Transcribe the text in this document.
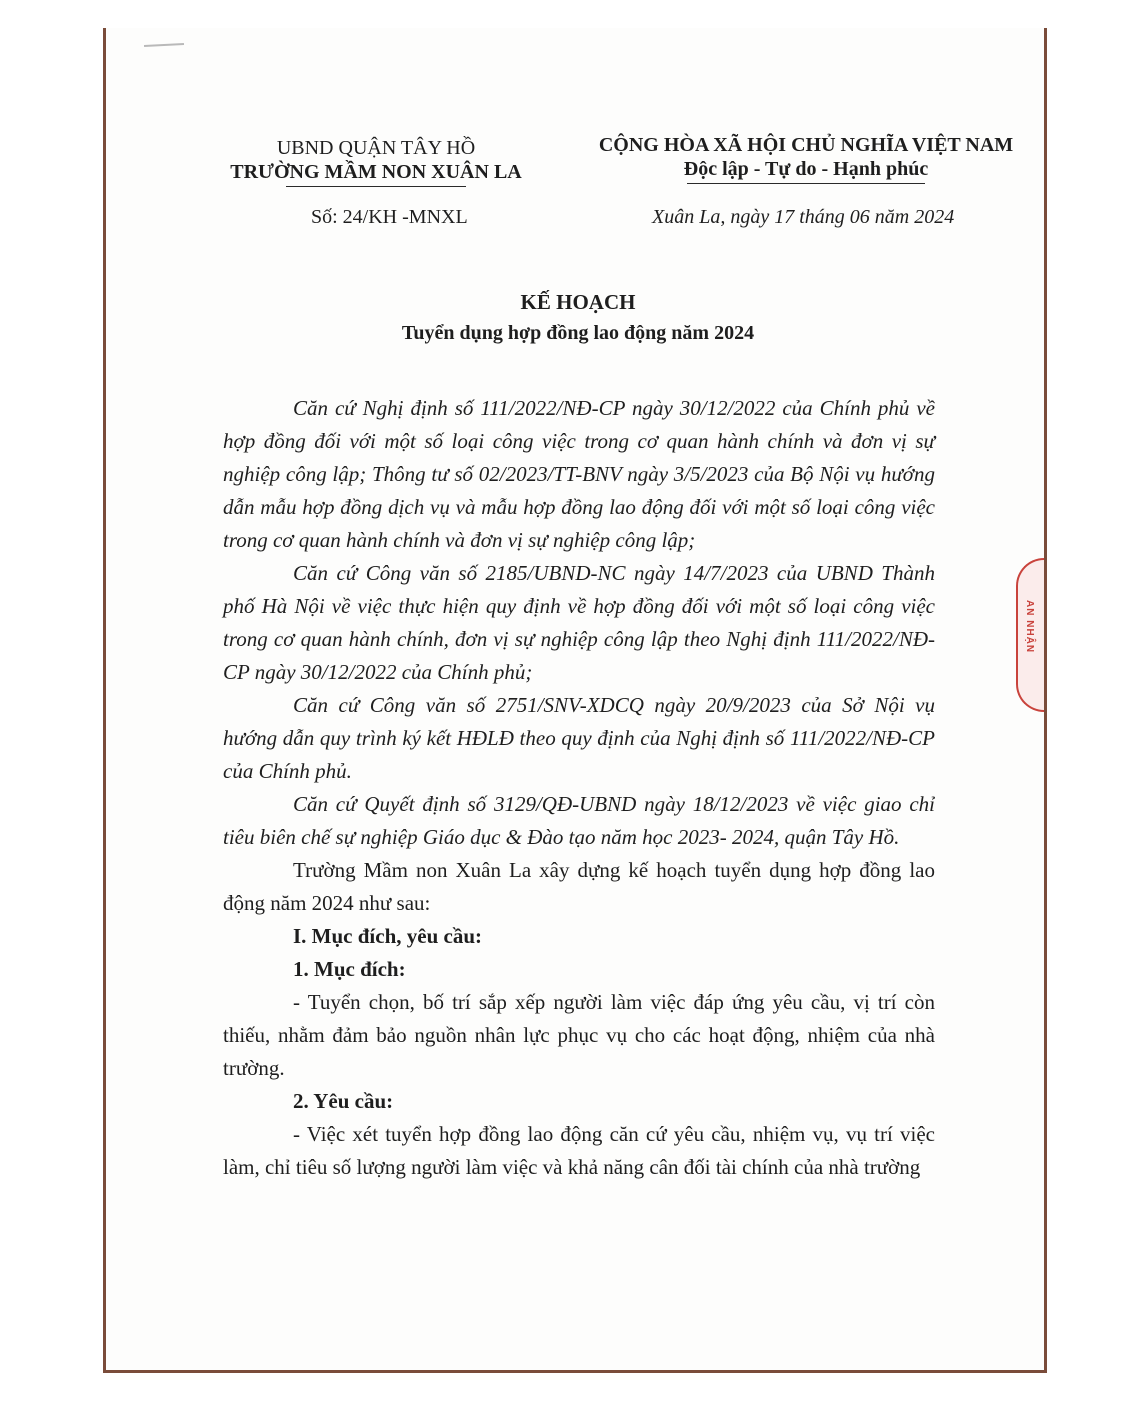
UBND QUẬN TÂY HỒ
TRƯỜNG MẦM NON XUÂN LA
CỘNG HÒA XÃ HỘI CHỦ NGHĨA VIỆT NAM
Độc lập - Tự do - Hạnh phúc
Số: 24/KH -MNXL	Xuân La, ngày 17 tháng 06 năm 2024
KẾ HOẠCH
Tuyển dụng hợp đồng lao động năm 2024

Căn cứ Nghị định số 111/2022/NĐ-CP ngày 30/12/2022 của Chính phủ về hợp đồng đối với một số loại công việc trong cơ quan hành chính và đơn vị sự nghiệp công lập; Thông tư số 02/2023/TT-BNV ngày 3/5/2023 của Bộ Nội vụ hướng dẫn mẫu hợp đồng dịch vụ và mẫu hợp đồng lao động đối với một số loại công việc trong cơ quan hành chính và đơn vị sự nghiệp công lập;

Căn cứ Công văn số 2185/UBND-NC ngày 14/7/2023 của UBND Thành phố Hà Nội về việc thực hiện quy định về hợp đồng đối với một số loại công việc trong cơ quan hành chính, đơn vị sự nghiệp công lập theo Nghị định 111/2022/NĐ-CP ngày 30/12/2022 của Chính phủ;

Căn cứ Công văn số 2751/SNV-XDCQ ngày 20/9/2023 của Sở Nội vụ hướng dẫn quy trình ký kết HĐLĐ theo quy định của Nghị định số 111/2022/NĐ-CP của Chính phủ.

Căn cứ Quyết định số 3129/QĐ-UBND ngày 18/12/2023 về việc giao chỉ tiêu biên chế sự nghiệp Giáo dục & Đào tạo năm học 2023- 2024, quận Tây Hồ.

Trường Mầm non Xuân La xây dựng kế hoạch tuyển dụng hợp đồng lao động năm 2024 như sau:

I. Mục đích, yêu cầu:

1. Mục đích:

- Tuyển chọn, bố trí sắp xếp người làm việc đáp ứng yêu cầu, vị trí còn thiếu, nhằm đảm bảo nguồn nhân lực phục vụ cho các hoạt động, nhiệm của nhà trường.

2. Yêu cầu:

- Việc xét tuyển hợp đồng lao động căn cứ yêu cầu, nhiệm vụ, vụ trí việc làm, chỉ tiêu số lượng người làm việc và khả năng cân đối tài chính của nhà trường

AN NHẬN
